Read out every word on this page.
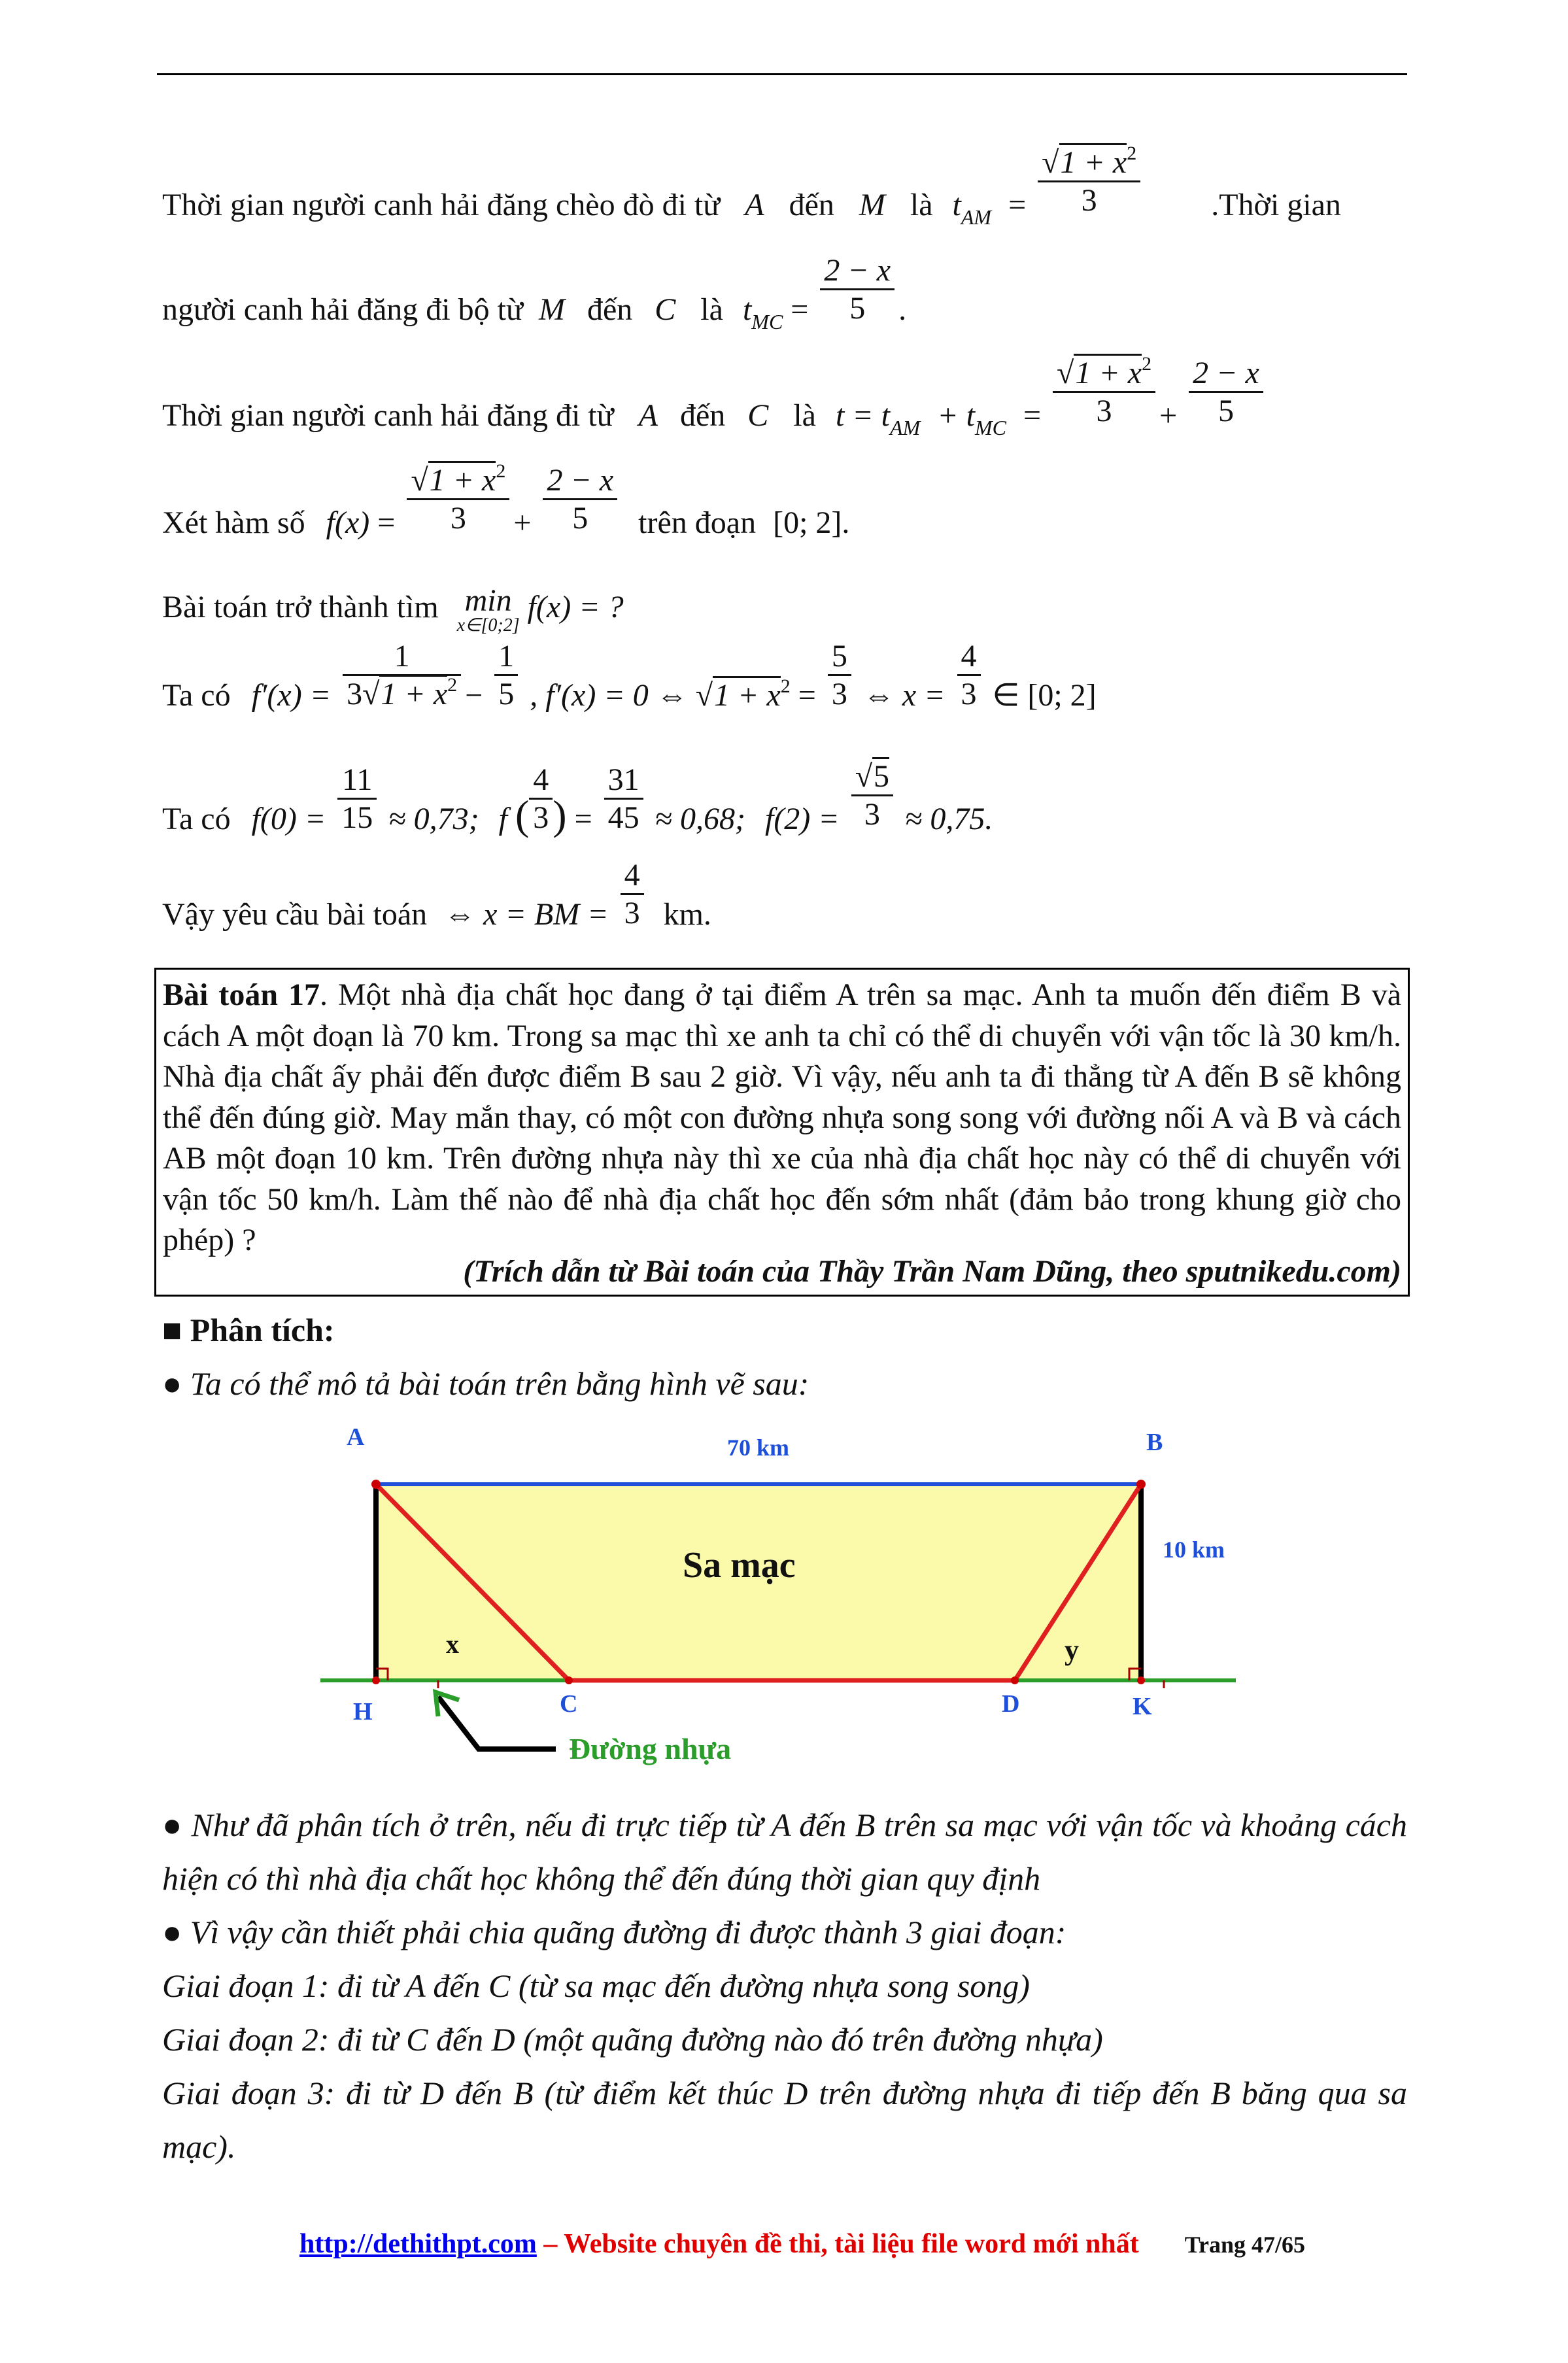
Thời gian người canh hải đăng chèo đò đi từ A đến M là $t_{AM} = \frac{√1 + x^2}{3}$ .Thời gian
người canh hải đăng đi bộ từ M đến C là $t_{MC} = \frac{2 - x}{5}$ .
Thời gian người canh hải đăng đi từ A đến C là $t = t_{AM} + t_{MC} = \frac{√1 + x^2}{3} + \frac{2 - x}{5}$
Xét hàm số $f(x) = \frac{√1 + x^2}{3} + \frac{2 - x}{5}$ trên đoạn [0; 2].
Bài toán trở thành tìm min
x∈[0;2]
f(x) = ?
Ta có $f'(x) = \frac{1}{3√1 + x^2} - \frac{1}{5}$ , f′(x) = 0 ⇔ $√1 + x^2 = \frac{5}{3}$ ⇔ $x = \frac{4}{3}$ ∈ [0; 2]
Ta có $f(0) = \frac{11}{15} \approx 0,73$; f ( $\frac{4}{3}$ ) = $\frac{31}{45} \approx 0,68$; $f(2) = \frac{√5}{3} \approx 0,75$.
Vậy yêu cầu bài toán ⇔ x = BM = $\frac{4}{3}$ km.
Bài toán 17. Một nhà địa chất học đang ở tại điểm A trên sa mạc. Anh ta muốn đến điểm B và cách A một đoạn là 70 km. Trong sa mạc thì xe anh ta chỉ có thể di chuyển với vận tốc là 30 km/h. Nhà địa chất ấy phải đến được điểm B sau 2 giờ. Vì vậy, nếu anh ta đi thẳng từ A đến B sẽ không thể đến đúng giờ. May mắn thay, có một con đường nhựa song song với đường nối A và B và cách AB một đoạn 10 km. Trên đường nhựa này thì xe của nhà địa chất học này có thể di chuyển với vận tốc 50 km/h. Làm thế nào để nhà địa chất học đến sớm nhất (đảm bảo trong khung giờ cho phép) ?
(Trích dẫn từ Bài toán của Thầy Trần Nam Dũng, theo sputnikedu.com)
■ Phân tích:
● Ta có thể mô tả bài toán trên bằng hình vẽ sau:
A	B
H	C	D	K
70 km
10 km
Sa mạc
x	y
Đường nhựa
● Như đã phân tích ở trên, nếu đi trực tiếp từ A đến B trên sa mạc với vận tốc và khoảng cách hiện có thì nhà địa chất học không thể đến đúng thời gian quy định
● Vì vậy cần thiết phải chia quãng đường đi được thành 3 giai đoạn:
Giai đoạn 1: đi từ A đến C (từ sa mạc đến đường nhựa song song)
Giai đoạn 2: đi từ C đến D (một quãng đường nào đó trên đường nhựa)
Giai đoạn 3: đi từ D đến B (từ điểm kết thúc D trên đường nhựa đi tiếp đến B băng qua sa mạc).
http://dethithpt.com – Website chuyên đề thi, tài liệu file word mới nhất Trang 47/65
